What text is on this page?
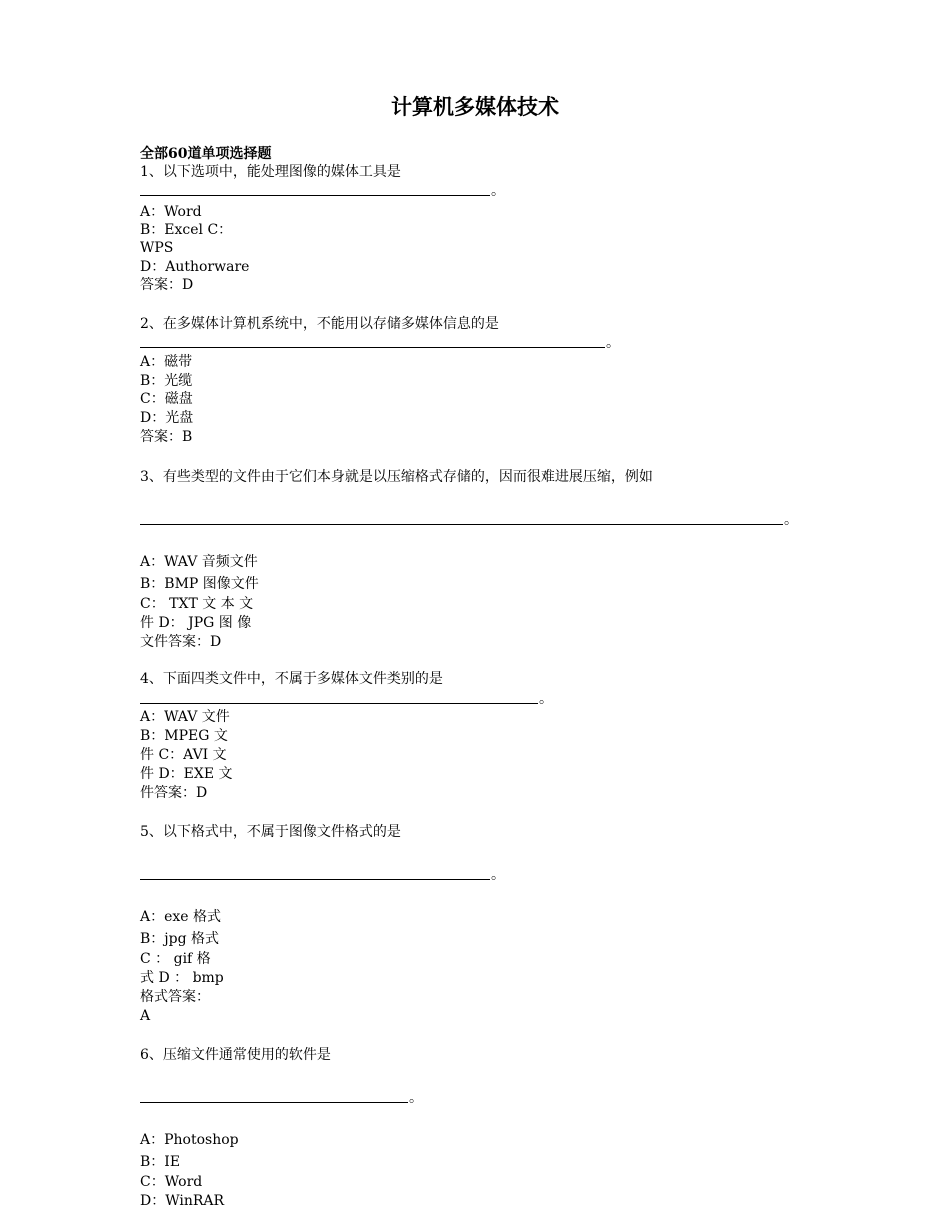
计算机多媒体技术
全部60道单项选择题
1、以下选项中，能处理图像的媒体工具是
。
A：Word
B：Excel C：
WPS
D：Authorware
答案：D
2、在多媒体计算机系统中，不能用以存储多媒体信息的是
。
A：磁带
B：光缆
C：磁盘
D：光盘
答案：B
3、有些类型的文件由于它们本身就是以压缩格式存储的，因而很难进展压缩，例如
。
A：WAV 音频文件
B：BMP 图像文件
C： TXT 文 本 文
件 D： JPG 图 像
文件答案：D
4、下面四类文件中，不属于多媒体文件类别的是
。
A：WAV 文件
B：MPEG 文
件 C：AVI 文
件 D：EXE 文
件答案：D
5、以下格式中，不属于图像文件格式的是
。
A：exe 格式
B：jpg 格式
C ： gif 格
式 D ： bmp
格式答案：
A
6、压缩文件通常使用的软件是
。
A：Photoshop
B：IE
C：Word
D：WinRAR
